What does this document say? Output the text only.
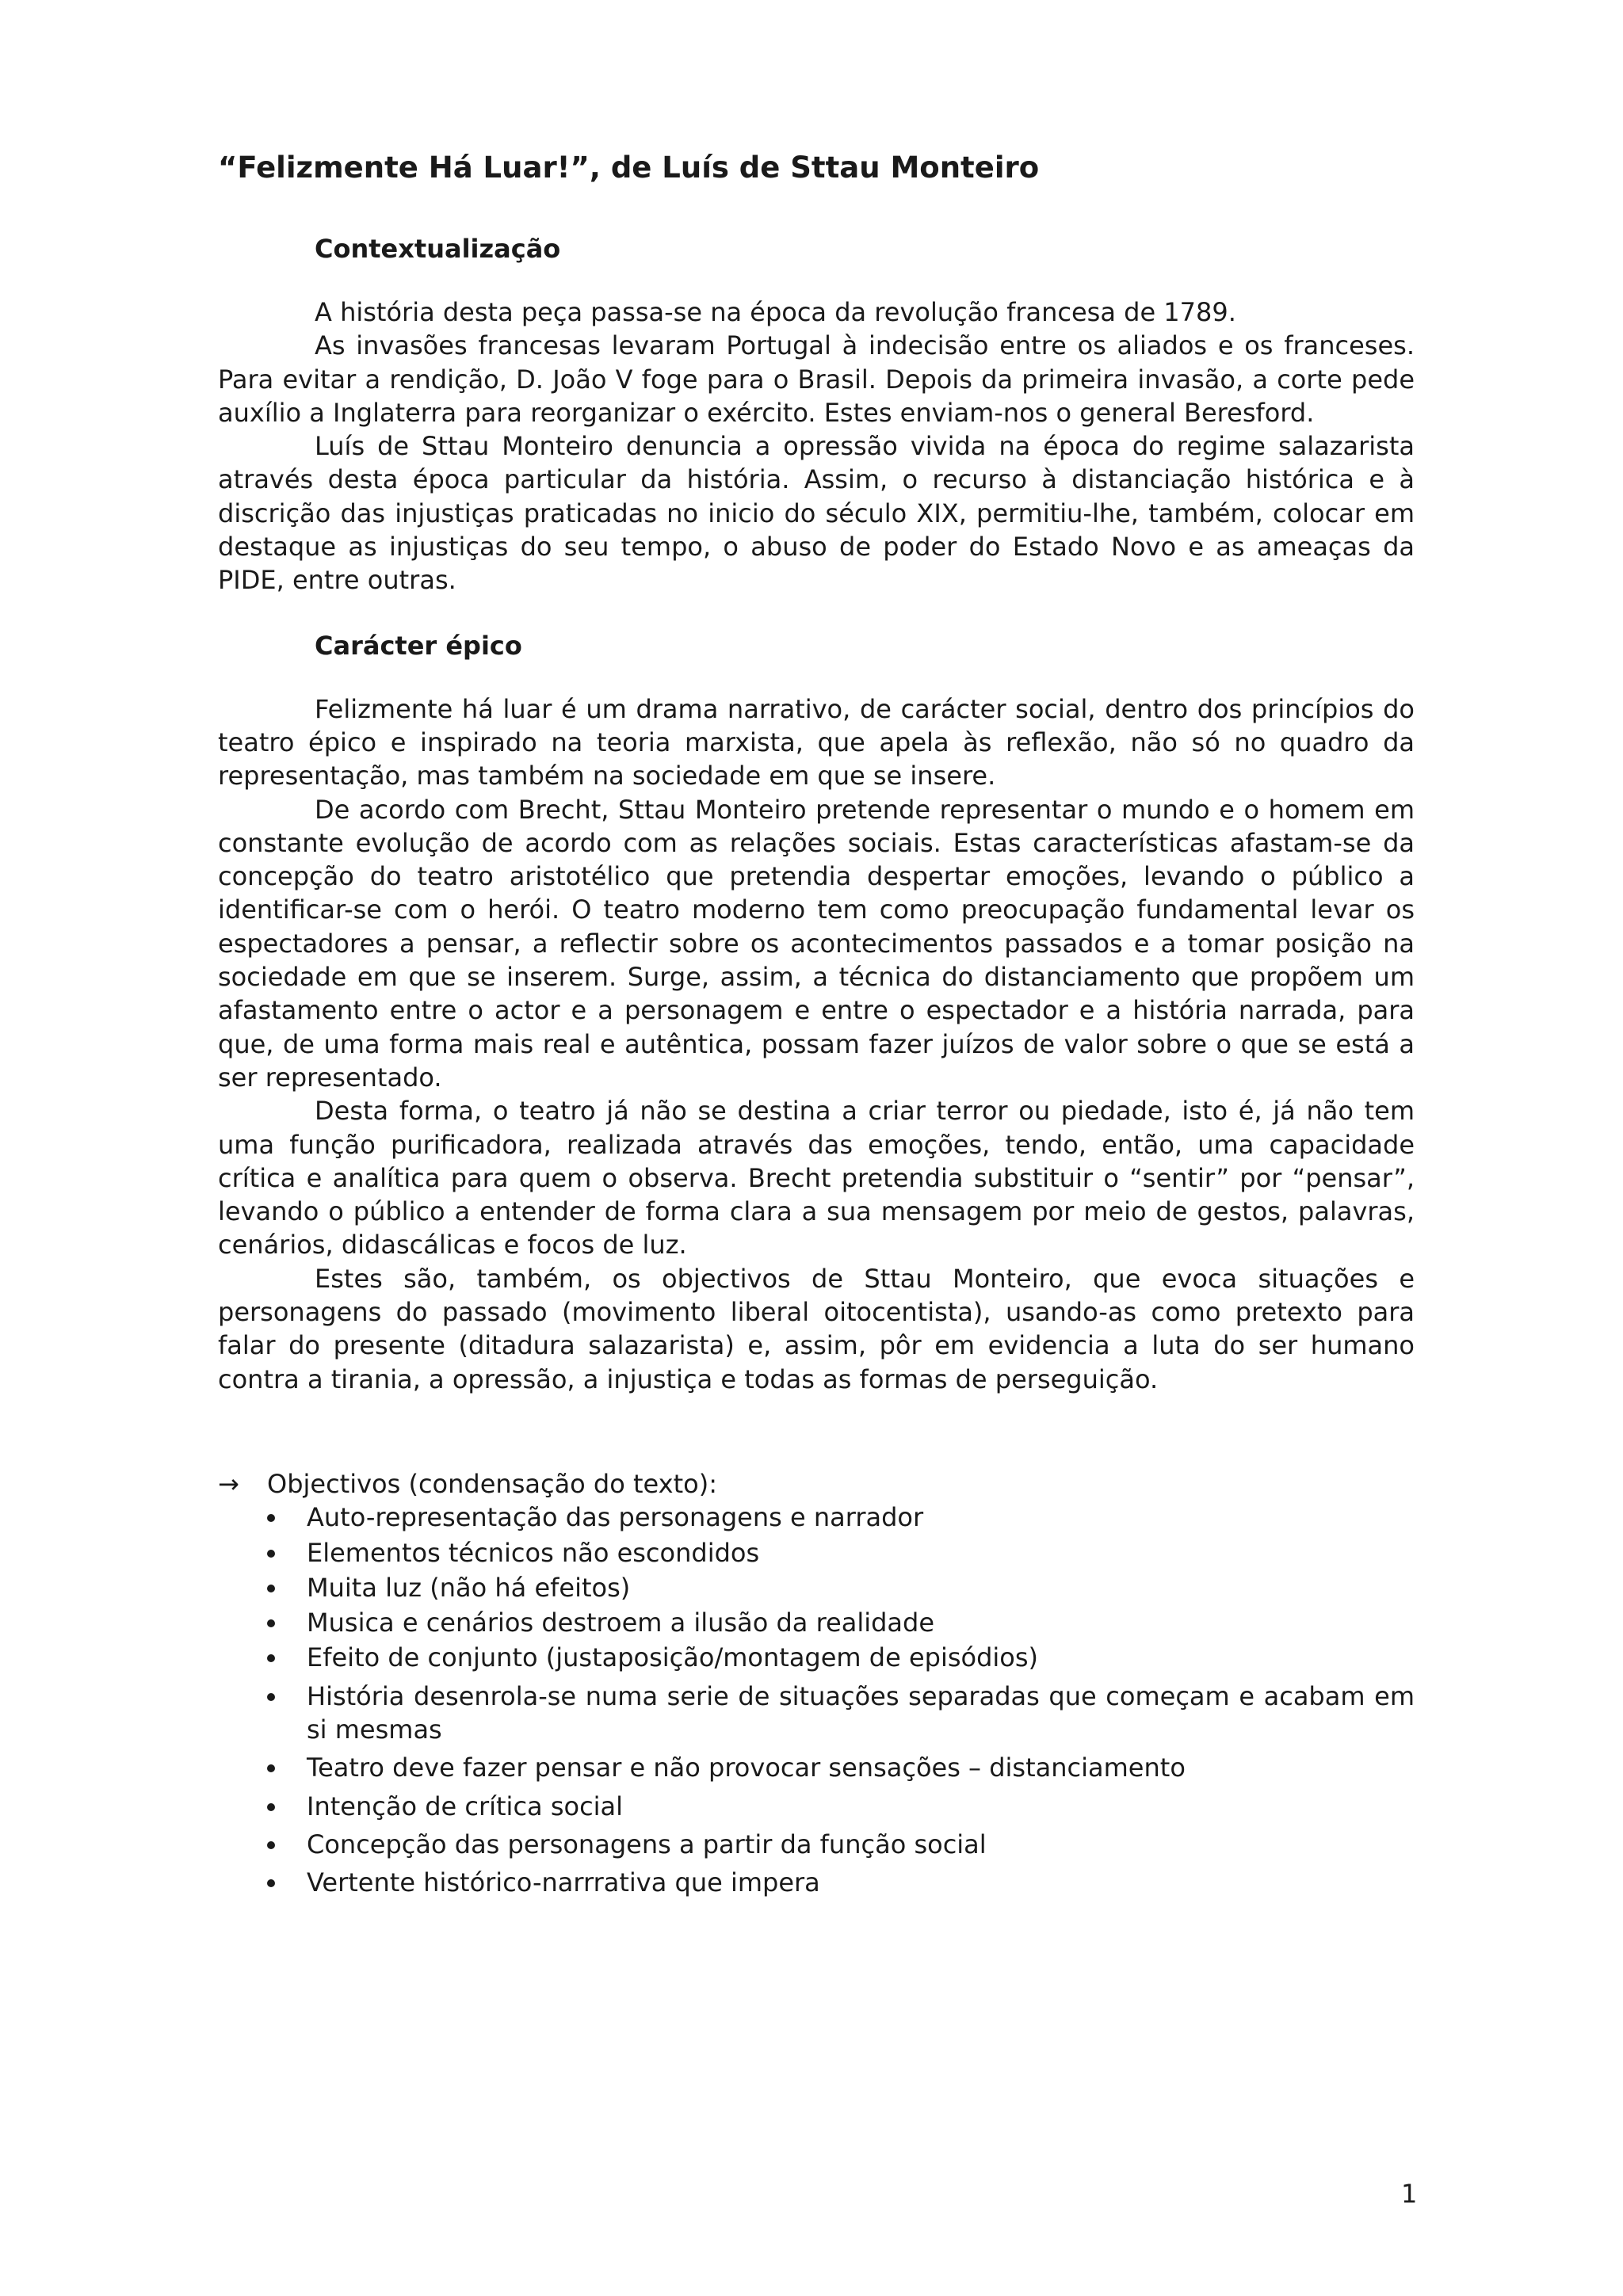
“Felizmente Há Luar!”, de Luís de Sttau Monteiro
Contextualização

A história desta peça passa-se na época da revolução francesa de 1789.

As invasões francesas levaram Portugal à indecisão entre os aliados e os franceses. Para evitar a rendição, D. João V foge para o Brasil. Depois da primeira invasão, a corte pede auxílio a Inglaterra para reorganizar o exército. Estes enviam-nos o general Beresford.

Luís de Sttau Monteiro denuncia a opressão vivida na época do regime salazarista através desta época particular da história. Assim, o recurso à distanciação histórica e à discrição das injustiças praticadas no inicio do século XIX, permitiu-lhe, também, colocar em destaque as injustiças do seu tempo, o abuso de poder do Estado Novo e as ameaças da PIDE, entre outras.

Carácter épico

Felizmente há luar é um drama narrativo, de carácter social, dentro dos princípios do teatro épico e inspirado na teoria marxista, que apela às reflexão, não só no quadro da representação, mas também na sociedade em que se insere.

De acordo com Brecht, Sttau Monteiro pretende representar o mundo e o homem em constante evolução de acordo com as relações sociais. Estas características afastam-se da concepção do teatro aristotélico que pretendia despertar emoções, levando o público a identificar-se com o herói. O teatro moderno tem como preocupação fundamental levar os espectadores a pensar, a reflectir sobre os acontecimentos passados e a tomar posição na sociedade em que se inserem. Surge, assim, a técnica do distanciamento que propõem um afastamento entre o actor e a personagem e entre o espectador e a história narrada, para que, de uma forma mais real e autêntica, possam fazer juízos de valor sobre o que se está a ser representado.

Desta forma, o teatro já não se destina a criar terror ou piedade, isto é, já não tem uma função purificadora, realizada através das emoções, tendo, então, uma capacidade crítica e analítica para quem o observa. Brecht pretendia substituir o “sentir” por “pensar”, levando o público a entender de forma clara a sua mensagem por meio de gestos, palavras, cenários, didascálicas e focos de luz.

Estes são, também, os objectivos de Sttau Monteiro, que evoca situações e personagens do passado (movimento liberal oitocentista), usando-as como pretexto para falar do presente (ditadura salazarista) e, assim, pôr em evidencia a luta do ser humano contra a tirania, a opressão, a injustiça e todas as formas de perseguição.

→ Objectivos (condensação do texto):
Auto-representação das personagens e narrador
Elementos técnicos não escondidos
Muita luz (não há efeitos)
Musica e cenários destroem a ilusão da realidade
Efeito de conjunto (justaposição/montagem de episódios)
História desenrola-se numa serie de situações separadas que começam e acabam em si mesmas
Teatro deve fazer pensar e não provocar sensações – distanciamento
Intenção de crítica social
Concepção das personagens a partir da função social
Vertente histórico-narrrativa que impera
1
